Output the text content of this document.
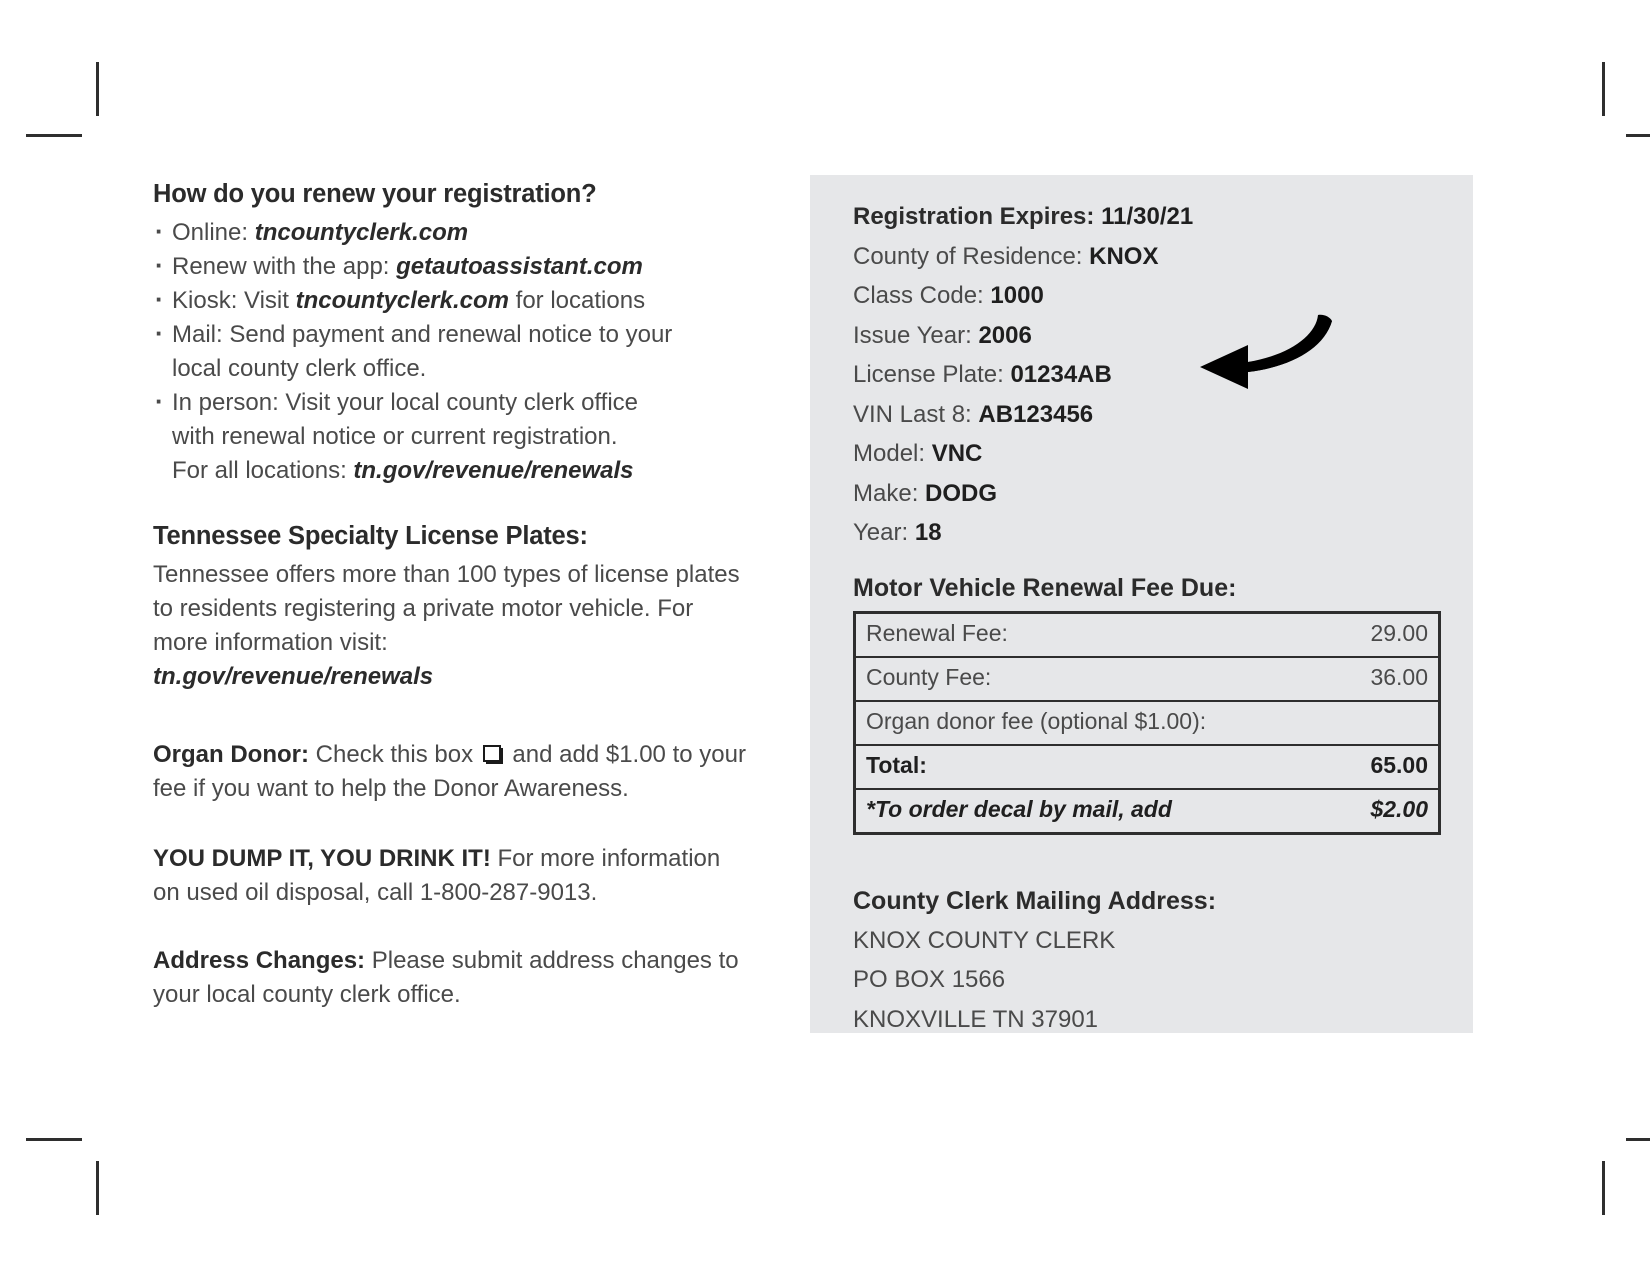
How do you renew your registration?
· Online: tncountyclerk.com
· Renew with the app: getautoassistant.com
· Kiosk: Visit tncountyclerk.com for locations
· Mail: Send payment and renewal notice to your
local county clerk office.
· In person: Visit your local county clerk office
with renewal notice or current registration.
For all locations: tn.gov/revenue/renewals
Tennessee Specialty License Plates:

Tennessee offers more than 100 types of license plates to residents registering a private motor vehicle. For more information visit:
tn.gov/revenue/renewals

Organ Donor: Check this box  and add $1.00 to your fee if you want to help the Donor Awareness.

YOU DUMP IT, YOU DRINK IT! For more information on used oil disposal, call 1-800-287-9013.

Address Changes: Please submit address changes to your local county clerk office.

Registration Expires: 11/30/21
County of Residence: KNOX
Class Code: 1000
Issue Year: 2006
License Plate: 01234AB
VIN Last 8: AB123456
Model: VNC
Make: DODG
Year: 18
Motor Vehicle Renewal Fee Due:
Renewal Fee:	29.00
County Fee:	36.00
Organ donor fee (optional $1.00):	
Total:	65.00
*To order decal by mail, add	$2.00
County Clerk Mailing Address:
KNOX COUNTY CLERK
PO BOX 1566
KNOXVILLE TN 37901
